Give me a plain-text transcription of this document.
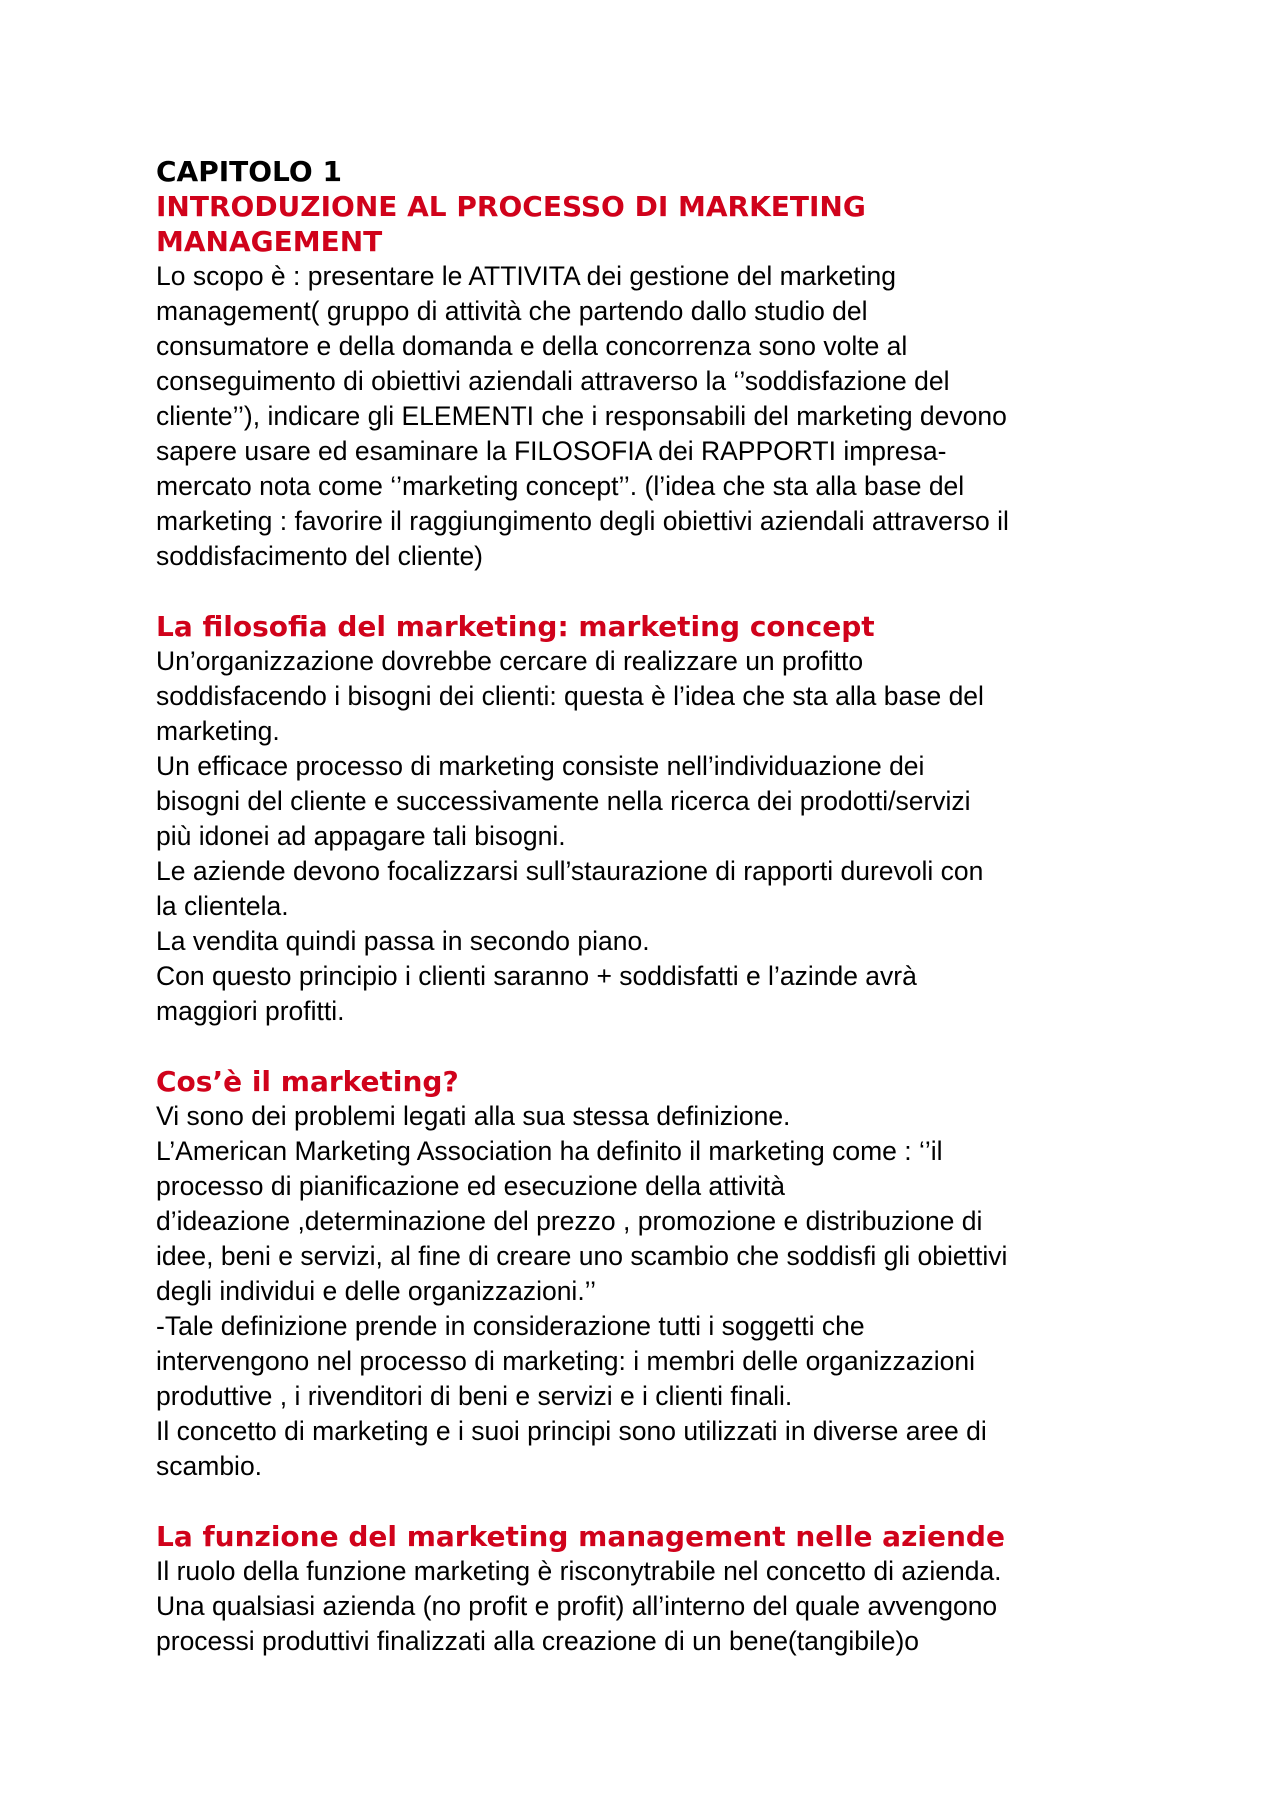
CAPITOLO 1
INTRODUZIONE AL PROCESSO DI MARKETING
MANAGEMENT
Lo scopo è : presentare le ATTIVITA dei gestione del marketing
management( gruppo di attività che partendo dallo studio del
consumatore e della domanda e della concorrenza sono volte al
conseguimento di obiettivi aziendali attraverso la ‘’soddisfazione del
cliente’’), indicare gli ELEMENTI che i responsabili del marketing devono
sapere usare ed esaminare la FILOSOFIA dei RAPPORTI impresa-
mercato nota come ‘’marketing concept’’. (l’idea che sta alla base del
marketing : favorire il raggiungimento degli obiettivi aziendali attraverso il
soddisfacimento del cliente)
La filosofia del marketing: marketing concept
Un’organizzazione dovrebbe cercare di realizzare un profitto
soddisfacendo i bisogni dei clienti: questa è l’idea che sta alla base del
marketing.
Un efficace processo di marketing consiste nell’individuazione dei
bisogni del cliente e successivamente nella ricerca dei prodotti/servizi
più idonei ad appagare tali bisogni.
Le aziende devono focalizzarsi sull’staurazione di rapporti durevoli con
la clientela.
La vendita quindi passa in secondo piano.
Con questo principio i clienti saranno + soddisfatti e l’azinde avrà
maggiori profitti.
Cos’è il marketing?
Vi sono dei problemi legati alla sua stessa definizione.
L’American Marketing Association ha definito il marketing come : ‘’il
processo di pianificazione ed esecuzione della attività
d’ideazione ,determinazione del prezzo , promozione e distribuzione di
idee, beni e servizi, al fine di creare uno scambio che soddisfi gli obiettivi
degli individui e delle organizzazioni.’’
-Tale definizione prende in considerazione tutti i soggetti che
intervengono nel processo di marketing: i membri delle organizzazioni
produttive , i rivenditori di beni e servizi e i clienti finali.
Il concetto di marketing e i suoi principi sono utilizzati in diverse aree di
scambio.
La funzione del marketing management nelle aziende
Il ruolo della funzione marketing è risconytrabile nel concetto di azienda.
Una qualsiasi azienda (no profit e profit) all’interno del quale avvengono
processi produttivi finalizzati alla creazione di un bene(tangibile)o
